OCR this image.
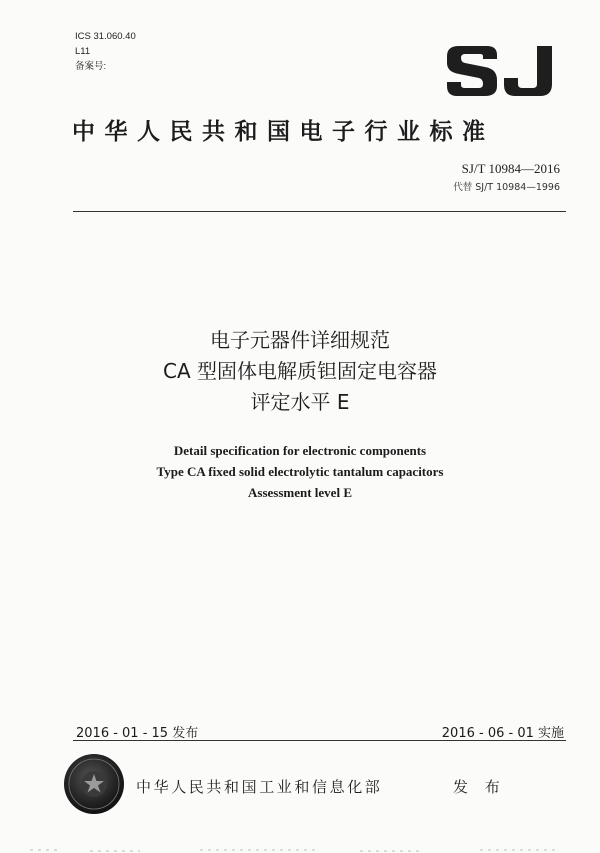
ICS 31.060.40
L11
备案号:
中华人民共和国电子行业标准
SJ/T 10984—2016
代替 SJ/T 10984—1996
电子元器件详细规范
CA 型固体电解质钽固定电容器
评定水平 E
Detail specification for electronic components
Type CA fixed solid electrolytic tantalum capacitors
Assessment level E
2016 - 01 - 15 发布	2016 - 06 - 01 实施
中华人民共和国工业和信息化部	发 布
